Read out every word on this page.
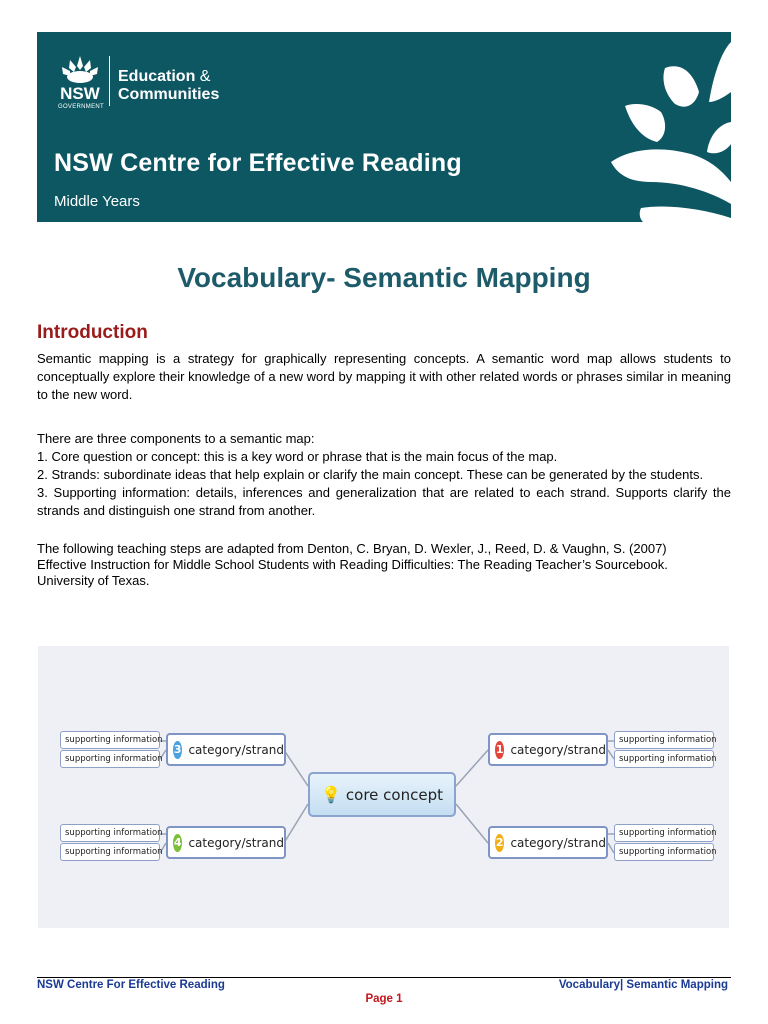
NSW
GOVERNMENT
Education &
Communities
NSW Centre for Effective Reading
Middle Years
Vocabulary- Semantic Mapping
Introduction
Semantic mapping is a strategy for graphically representing concepts. A semantic word map allows students to conceptually explore their knowledge of a new word by mapping it with other related words or phrases similar in meaning to the new word.
There are three components to a semantic map:
1. Core question or concept: this is a key word or phrase that is the main focus of the map.
2. Strands: subordinate ideas that help explain or clarify the main concept. These can be generated by the students.
3. Supporting information: details, inferences and generalization that are related to each strand. Supports clarify the strands and distinguish one strand from another.
The following teaching steps are adapted from Denton, C. Bryan, D. Wexler, J., Reed, D. & Vaughn, S. (2007)
Effective Instruction for Middle School Students with Reading Difficulties: The Reading Teacher’s Sourcebook.
University of Texas.
💡 core concept
3 category/strand	1 category/strand
4 category/strand	2 category/strand
supporting information
supporting information
supporting information
supporting information
supporting information
supporting information
supporting information
supporting information
NSW Centre For Effective Reading	Vocabulary| Semantic Mapping
Page 1
